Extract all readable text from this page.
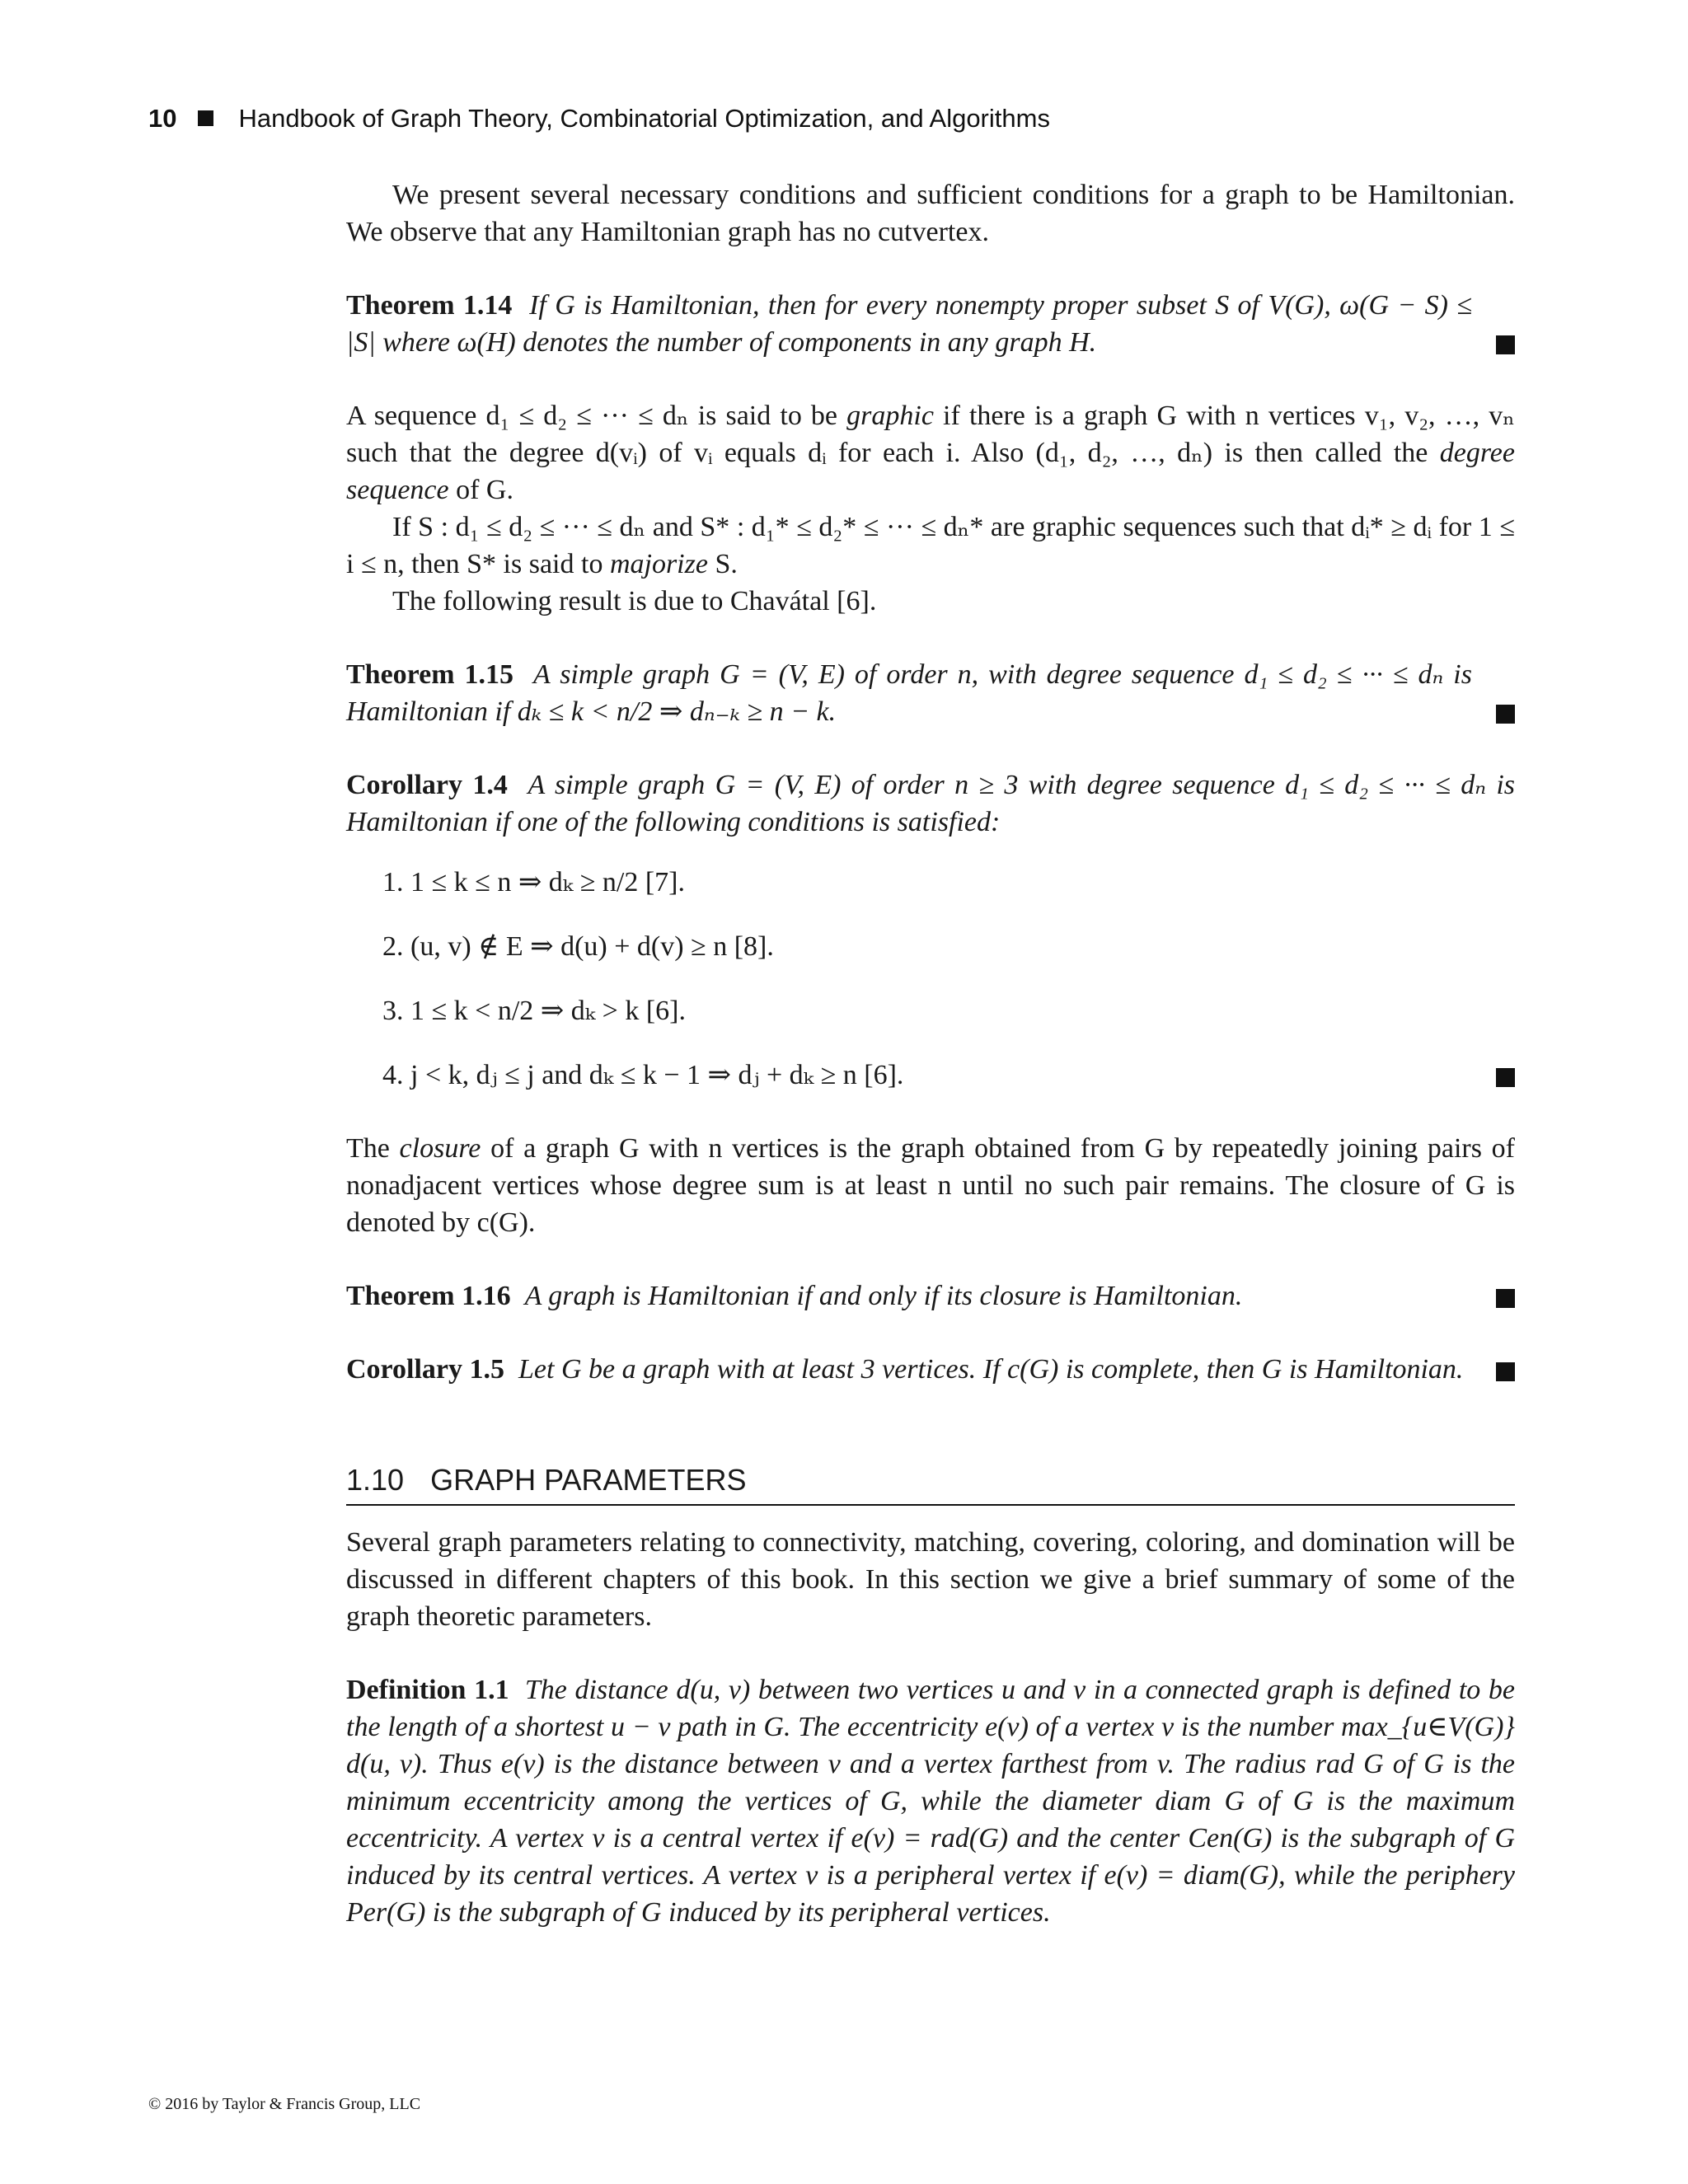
10 Handbook of Graph Theory, Combinatorial Optimization, and Algorithms

We present several necessary conditions and sufficient conditions for a graph to be Hamiltonian. We observe that any Hamiltonian graph has no cutvertex.

Theorem 1.14 If G is Hamiltonian, then for every nonempty proper subset S of V(G), ω(G − S) ≤ |S| where ω(H) denotes the number of components in any graph H.

A sequence d₁ ≤ d₂ ≤ ··· ≤ dₙ is said to be graphic if there is a graph G with n vertices v₁, v₂, …, vₙ such that the degree d(vᵢ) of vᵢ equals dᵢ for each i. Also (d₁, d₂, …, dₙ) is then called the degree sequence of G.

If S : d₁ ≤ d₂ ≤ ··· ≤ dₙ and S* : d₁* ≤ d₂* ≤ ··· ≤ dₙ* are graphic sequences such that dᵢ* ≥ dᵢ for 1 ≤ i ≤ n, then S* is said to majorize S.

The following result is due to Chavátal [6].

Theorem 1.15 A simple graph G = (V, E) of order n, with degree sequence d₁ ≤ d₂ ≤ ··· ≤ dₙ is Hamiltonian if dₖ ≤ k < n/2 ⇒ dₙ₋ₖ ≥ n − k.

Corollary 1.4 A simple graph G = (V, E) of order n ≥ 3 with degree sequence d₁ ≤ d₂ ≤ ··· ≤ dₙ is Hamiltonian if one of the following conditions is satisfied:

1. 1 ≤ k ≤ n ⇒ dₖ ≥ n/2 [7].
2. (u, v) ∉ E ⇒ d(u) + d(v) ≥ n [8].
3. 1 ≤ k < n/2 ⇒ dₖ > k [6].
4. j < k, dⱼ ≤ j and dₖ ≤ k − 1 ⇒ dⱼ + dₖ ≥ n [6].

The closure of a graph G with n vertices is the graph obtained from G by repeatedly joining pairs of nonadjacent vertices whose degree sum is at least n until no such pair remains. The closure of G is denoted by c(G).

Theorem 1.16 A graph is Hamiltonian if and only if its closure is Hamiltonian.

Corollary 1.5 Let G be a graph with at least 3 vertices. If c(G) is complete, then G is Hamiltonian.

1.10 GRAPH PARAMETERS

Several graph parameters relating to connectivity, matching, covering, coloring, and domination will be discussed in different chapters of this book. In this section we give a brief summary of some of the graph theoretic parameters.

Definition 1.1 The distance d(u, v) between two vertices u and v in a connected graph is defined to be the length of a shortest u − v path in G. The eccentricity e(v) of a vertex v is the number max_{u∈V(G)} d(u, v). Thus e(v) is the distance between v and a vertex farthest from v. The radius rad G of G is the minimum eccentricity among the vertices of G, while the diameter diam G of G is the maximum eccentricity. A vertex v is a central vertex if e(v) = rad(G) and the center Cen(G) is the subgraph of G induced by its central vertices. A vertex v is a peripheral vertex if e(v) = diam(G), while the periphery Per(G) is the subgraph of G induced by its peripheral vertices.

© 2016 by Taylor & Francis Group, LLC
